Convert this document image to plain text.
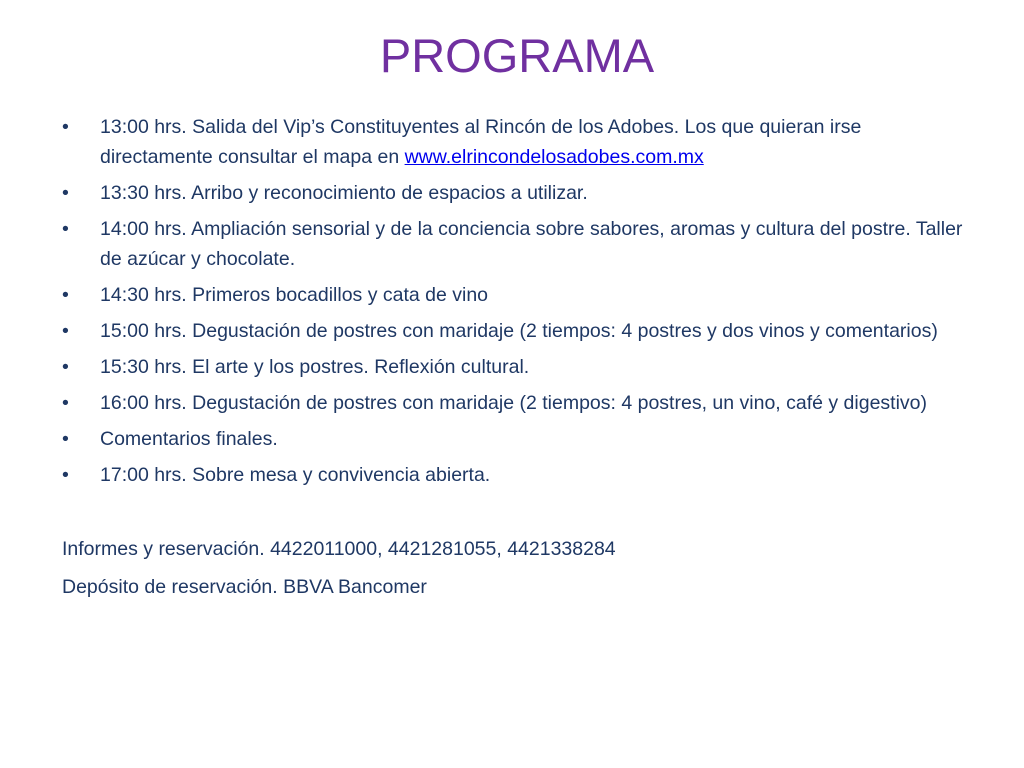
PROGRAMA
• 13:00 hrs. Salida del Vip’s Constituyentes al Rincón de los Adobes. Los que quieran irse directamente consultar el mapa en www.elrincondelosadobes.com.mx
• 13:30 hrs. Arribo y reconocimiento de espacios a utilizar.
• 14:00 hrs. Ampliación sensorial y de la conciencia sobre sabores, aromas y cultura del postre. Taller de azúcar y chocolate.
• 14:30 hrs. Primeros bocadillos y cata de vino
• 15:00 hrs. Degustación de postres con maridaje (2 tiempos: 4 postres y dos vinos y comentarios)
• 15:30 hrs. El arte y los postres. Reflexión cultural.
• 16:00 hrs. Degustación de postres con maridaje (2 tiempos: 4 postres, un vino, café y digestivo)
• Comentarios finales.
• 17:00 hrs. Sobre mesa y convivencia abierta.

Informes y reservación. 4422011000, 4421281055, 4421338284

Depósito de reservación. BBVA Bancomer
